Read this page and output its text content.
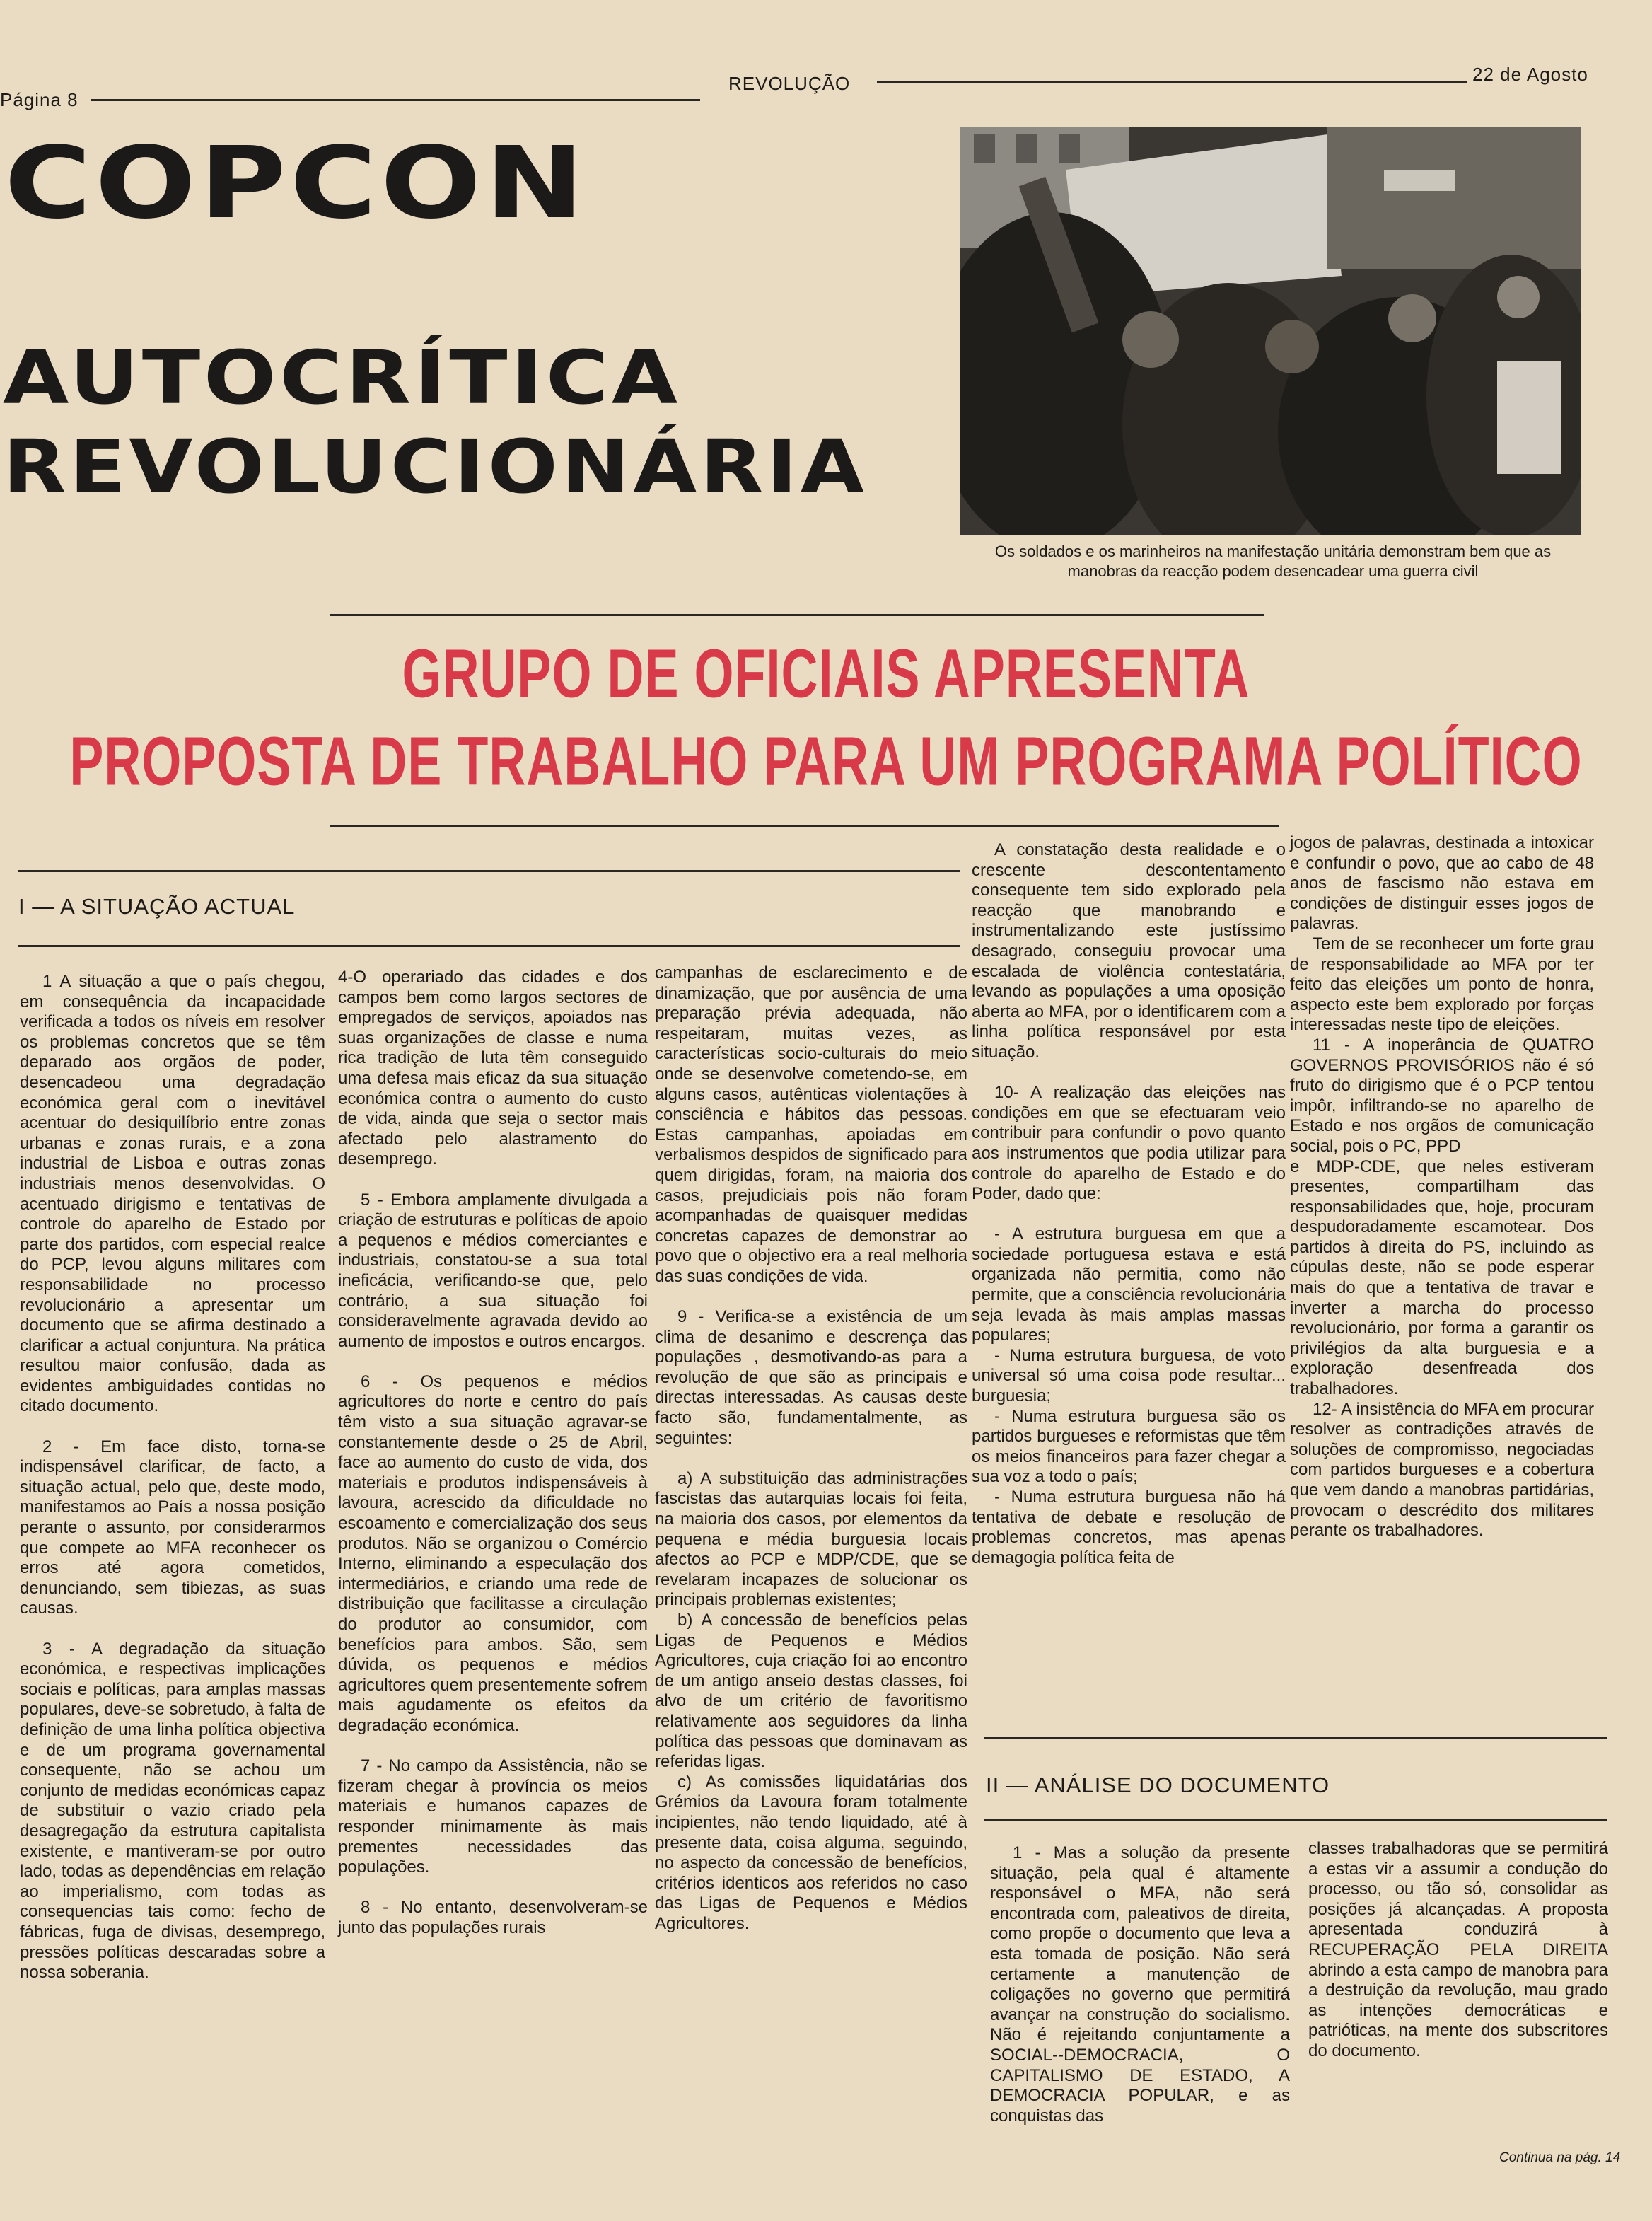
Página 8
REVOLUÇÃO	22 de Agosto
COPCON
AUTOCRÍTICA
REVOLUCIONÁRIA
Os soldados e os marinheiros na manifestação unitária demonstram bem que as
manobras da reacção podem desencadear uma guerra civil
GRUPO DE OFICIAIS APRESENTA
PROPOSTA DE TRABALHO PARA UM PROGRAMA POLÍTICO
I — A SITUAÇÃO ACTUAL

1 A situação a que o país chegou, em consequência da incapacidade verificada a todos os níveis em resolver os problemas concretos que se têm deparado aos orgãos de poder, desencadeou uma degradação económica geral com o inevitável acentuar do desiquilíbrio entre zonas urbanas e zonas rurais, e a zona industrial de Lisboa e outras zonas industriais menos desenvolvidas. O acentuado dirigismo e tentativas de controle do aparelho de Estado por parte dos partidos, com especial realce do PCP, levou alguns militares com responsabilidade no processo revolucionário a apresentar um documento que se afirma destinado a clarificar a actual conjuntura. Na prática resultou maior confusão, dada as evidentes ambiguidades contidas no citado documento.

2 - Em face disto, torna-se indispensável clarificar, de facto, a situação actual, pelo que, deste modo, manifestamos ao País a nossa posição perante o assunto, por considerarmos que compete ao MFA reconhecer os erros até agora cometidos, denunciando, sem tibiezas, as suas causas.

3 - A degradação da situação económica, e respectivas implicações sociais e políticas, para amplas massas populares, deve-se sobretudo, à falta de definição de uma linha política objectiva e de um programa governamental consequente, não se achou um conjunto de medidas económicas capaz de substituir o vazio criado pela desagregação da estrutura capitalista existente, e mantiveram-se por outro lado, todas as dependências em relação ao imperialismo, com todas as consequencias tais como: fecho de fábricas, fuga de divisas, desemprego, pressões políticas descaradas sobre a nossa soberania.

4-O operariado das cidades e dos campos bem como largos sectores de empregados de serviços, apoiados nas suas organizações de classe e numa rica tradição de luta têm conseguido uma defesa mais eficaz da sua situação económica contra o aumento do custo de vida, ainda que seja o sector mais afectado pelo alastramento do desemprego.

5 - Embora amplamente divulgada a criação de estruturas e políticas de apoio a pequenos e médios comerciantes e industriais, constatou-se a sua total ineficácia, verificando-se que, pelo contrário, a sua situação foi consideravelmente agravada devido ao aumento de impostos e outros encargos.

6 - Os pequenos e médios agricultores do norte e centro do país têm visto a sua situação agravar-se constantemente desde o 25 de Abril, face ao aumento do custo de vida, dos materiais e produtos indispensáveis à lavoura, acrescido da dificuldade no escoamento e comercialização dos seus produtos. Não se organizou o Comércio Interno, eliminando a especulação dos intermediários, e criando uma rede de distribuição que facilitasse a circulação do produtor ao consumidor, com benefícios para ambos. São, sem dúvida, os pequenos e médios agricultores quem presentemente sofrem mais agudamente os efeitos da degradação económica.

7 - No campo da Assistência, não se fizeram chegar à província os meios materiais e humanos capazes de responder minimamente às mais prementes necessidades das populações.

8 - No entanto, desenvolveram-se junto das populações rurais

campanhas de esclarecimento e de dinamização, que por ausência de uma preparação prévia adequada, não respeitaram, muitas vezes, as características socio-culturais do meio onde se desenvolve cometendo-se, em alguns casos, autênticas violentações à consciência e hábitos das pessoas. Estas campanhas, apoiadas em verbalismos despidos de significado para quem dirigidas, foram, na maioria dos casos, prejudiciais pois não foram acompanhadas de quaisquer medidas concretas capazes de demonstrar ao povo que o objectivo era a real melhoria das suas condições de vida.

9 - Verifica-se a existência de um clima de desanimo e descrença das populações , desmotivando-as para a revolução de que são as principais e directas interessadas. As causas deste facto são, fundamentalmente, as seguintes:

a) A substituição das administrações fascistas das autarquias locais foi feita, na maioria dos casos, por elementos da pequena e média burguesia locais afectos ao PCP e MDP/CDE, que se revelaram incapazes de solucionar os principais problemas existentes;

b) A concessão de benefícios pelas Ligas de Pequenos e Médios Agricultores, cuja criação foi ao encontro de um antigo anseio destas classes, foi alvo de um critério de favoritismo relativamente aos seguidores da linha política das pessoas que dominavam as referidas ligas.

c) As comissões liquidatárias dos Grémios da Lavoura foram totalmente incipientes, não tendo liquidado, até à presente data, coisa alguma, seguindo, no aspecto da concessão de benefícios, critérios identicos aos referidos no caso das Ligas de Pequenos e Médios Agricultores.

A constatação desta realidade e o crescente descontentamento consequente tem sido explorado pela reacção que manobrando e instrumentalizando este justíssimo desagrado, conseguiu provocar uma escalada de violência contestatária, levando as populações a uma oposição aberta ao MFA, por o identificarem com a linha política responsável por esta situação.

10- A realização das eleições nas condições em que se efectuaram veio contribuir para confundir o povo quanto aos instrumentos que podia utilizar para controle do aparelho de Estado e do Poder, dado que:

- A estrutura burguesa em que a sociedade portuguesa estava e está organizada não permitia, como não permite, que a consciência revolucionária seja levada às mais amplas massas populares;

- Numa estrutura burguesa, de voto universal só uma coisa pode resultar... burguesia;

- Numa estrutura burguesa são os partidos burgueses e reformistas que têm os meios financeiros para fazer chegar a sua voz a todo o país;

- Numa estrutura burguesa não há tentativa de debate e resolução de problemas concretos, mas apenas demagogia política feita de

jogos de palavras, destinada a intoxicar e confundir o povo, que ao cabo de 48 anos de fascismo não estava em condições de distinguir esses jogos de palavras.

Tem de se reconhecer um forte grau de responsabilidade ao MFA por ter feito das eleições um ponto de honra, aspecto este bem explorado por forças interessadas neste tipo de eleições.

11 - A inoperância de QUATRO GOVERNOS PROVISÓRIOS não é só fruto do dirigismo que é o PCP tentou impôr, infiltrando-se no aparelho de Estado e nos orgãos de comunicação social, pois o PC, PPD

e MDP-CDE, que neles estiveram presentes, compartilham das responsabilidades que, hoje, procuram despudoradamente escamotear. Dos partidos à direita do PS, incluindo as cúpulas deste, não se pode esperar mais do que a tentativa de travar e inverter a marcha do processo revolucionário, por forma a garantir os privilégios da alta burguesia e a exploração desenfreada dos trabalhadores.

12- A insistência do MFA em procurar resolver as contradições através de soluções de compromisso, negociadas com partidos burgueses e a cobertura que vem dando a manobras partidárias, provocam o descrédito dos militares perante os trabalhadores.

II — ANÁLISE DO DOCUMENTO

1 - Mas a solução da presente situação, pela qual é altamente responsável o MFA, não será encontrada com, paleativos de direita, como propõe o documento que leva a esta tomada de posição. Não será certamente a manutenção de coligações no governo que permitirá avançar na construção do socialismo. Não é rejeitando conjuntamente a SOCIAL--DEMOCRACIA, O CAPITALISMO DE ESTADO, A DEMOCRACIA POPULAR, e as conquistas das

classes trabalhadoras que se permitirá a estas vir a assumir a condução do processo, ou tão só, consolidar as posições já alcançadas. A proposta apresentada conduzirá à RECUPERAÇÃO PELA DIREITA abrindo a esta campo de manobra para a destruição da revolução, mau grado as intenções democráticas e patrióticas, na mente dos subscritores do documento.

Continua na pág. 14
